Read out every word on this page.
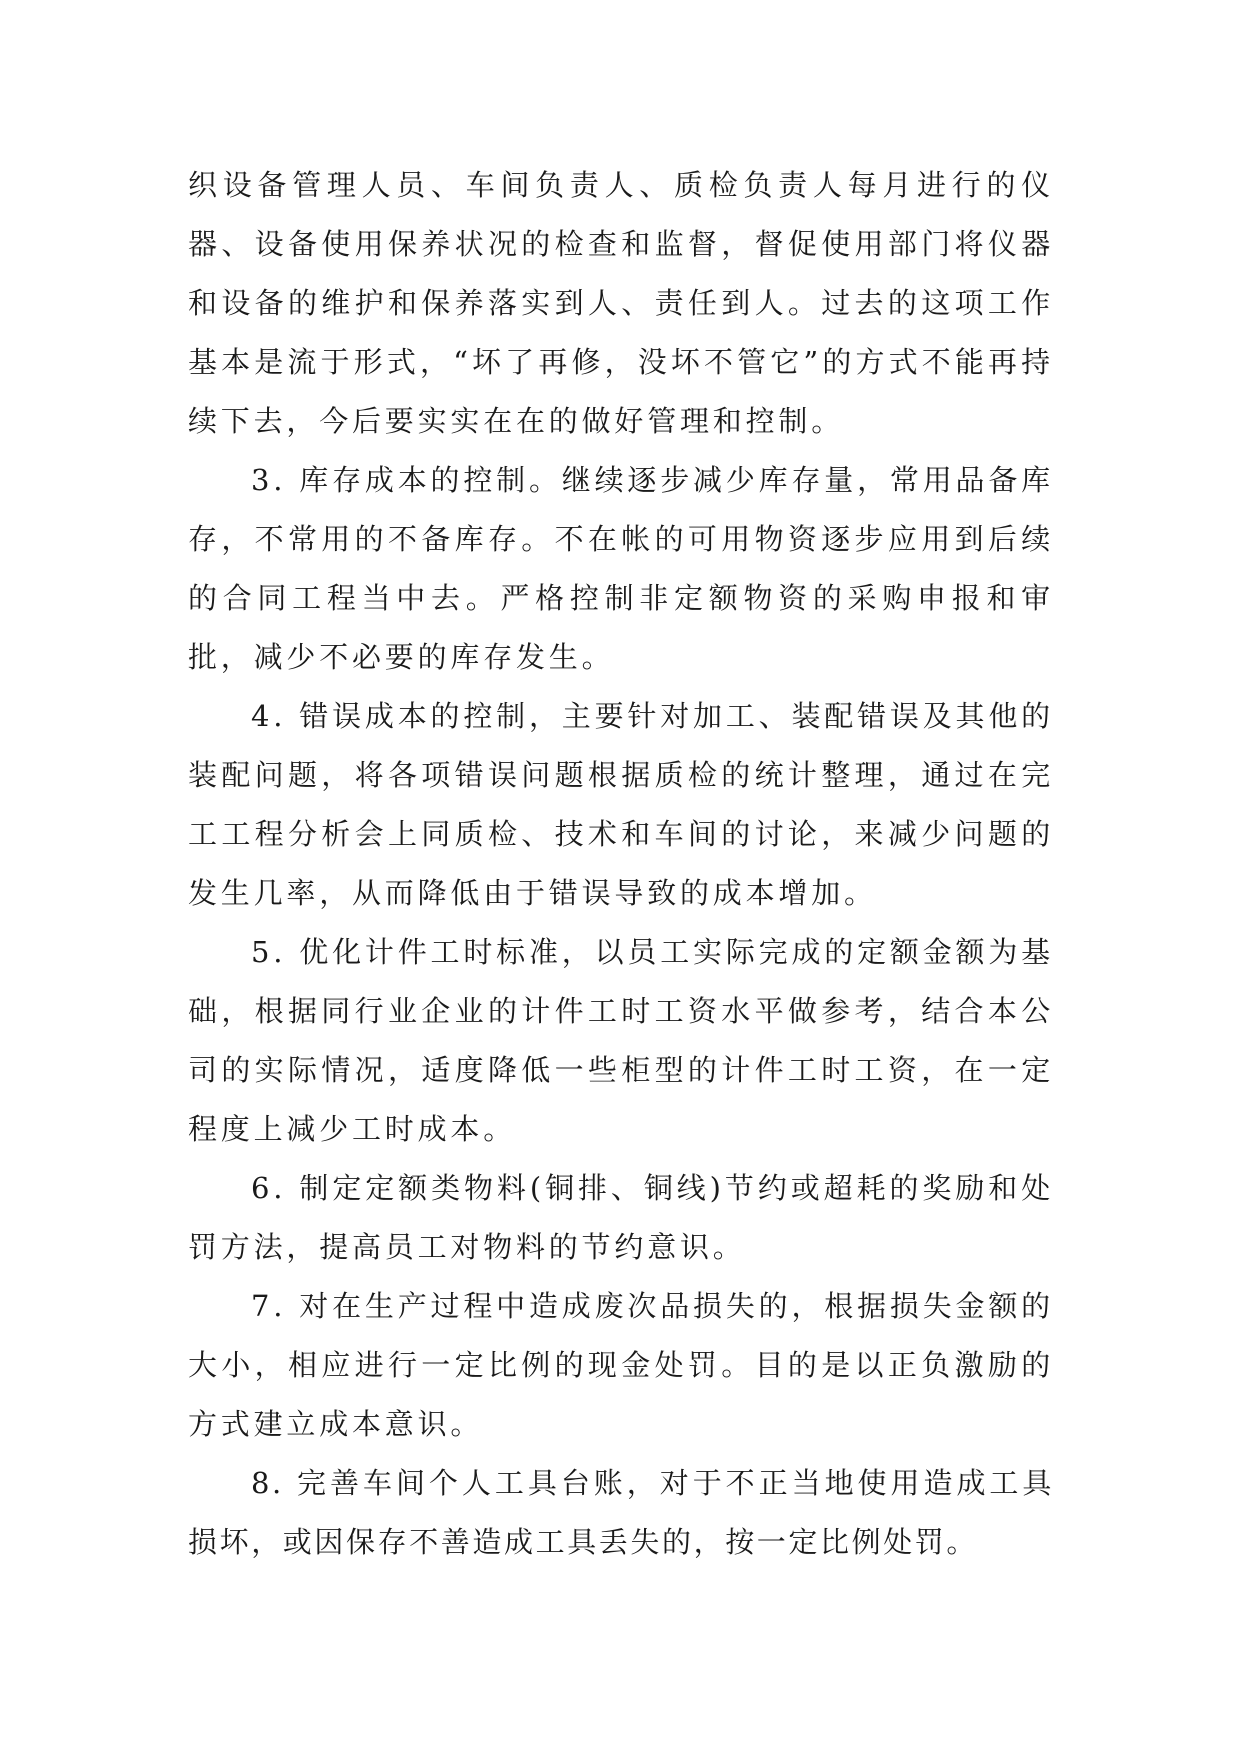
织设备管理人员、车间负责人、质检负责人每月进行的仪器、设备使用保养状况的检查和监督，督促使用部门将仪器和设备的维护和保养落实到人、责任到人。过去的这项工作基本是流于形式，“坏了再修，没坏不管它”的方式不能再持续下去，今后要实实在在的做好管理和控制。

3. 库存成本的控制。继续逐步减少库存量，常用品备库存，不常用的不备库存。不在帐的可用物资逐步应用到后续的合同工程当中去。严格控制非定额物资的采购申报和审批，减少不必要的库存发生。

4. 错误成本的控制，主要针对加工、装配错误及其他的装配问题，将各项错误问题根据质检的统计整理，通过在完工工程分析会上同质检、技术和车间的讨论，来减少问题的发生几率，从而降低由于错误导致的成本增加。

5. 优化计件工时标准，以员工实际完成的定额金额为基础，根据同行业企业的计件工时工资水平做参考，结合本公司的实际情况，适度降低一些柜型的计件工时工资，在一定程度上减少工时成本。

6. 制定定额类物料(铜排、铜线)节约或超耗的奖励和处罚方法，提高员工对物料的节约意识。

7. 对在生产过程中造成废次品损失的，根据损失金额的大小，相应进行一定比例的现金处罚。目的是以正负激励的方式建立成本意识。

8. 完善车间个人工具台账，对于不正当地使用造成工具损坏，或因保存不善造成工具丢失的，按一定比例处罚。
